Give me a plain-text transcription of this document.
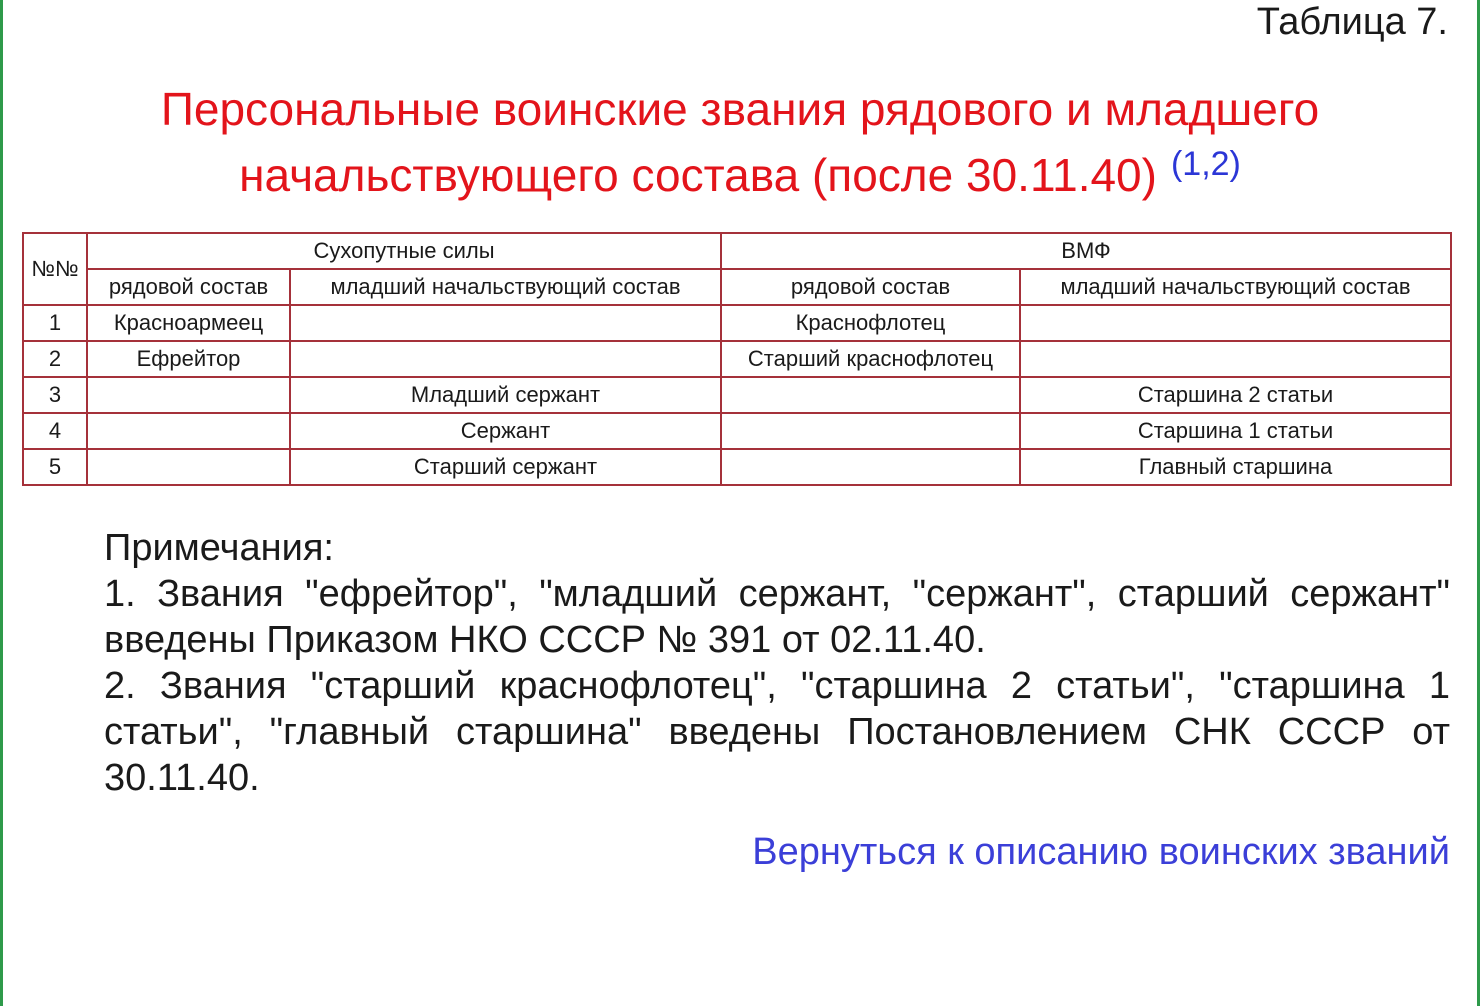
Таблица 7.
Персональные воинские звания рядового и младшего
начальствующего состава (после 30.11.40) $^{(1,2)}$
№№	Сухопутные силы		ВМФ	
	рядовой состав	младший начальствующий состав	рядовой состав	младший начальствующий состав
1	Красноармеец		Краснофлотец	
2	Ефрейтор		Старший краснофлотец	
3		Младший сержант		Старшина 2 статьи
4		Сержант		Старшина 1 статьи
5		Старший сержант		Главный старшина

Примечания:

1. Звания "ефрейтор", "младший сержант, "сержант", старший сержант" введены Приказом НКО СССР № 391 от 02.11.40.

2. Звания "старший краснофлотец", "старшина 2 статьи", "старшина 1 статьи", "главный старшина" введены Постановлением СНК СССР от 30.11.40.

Вернуться к описанию воинских званий
